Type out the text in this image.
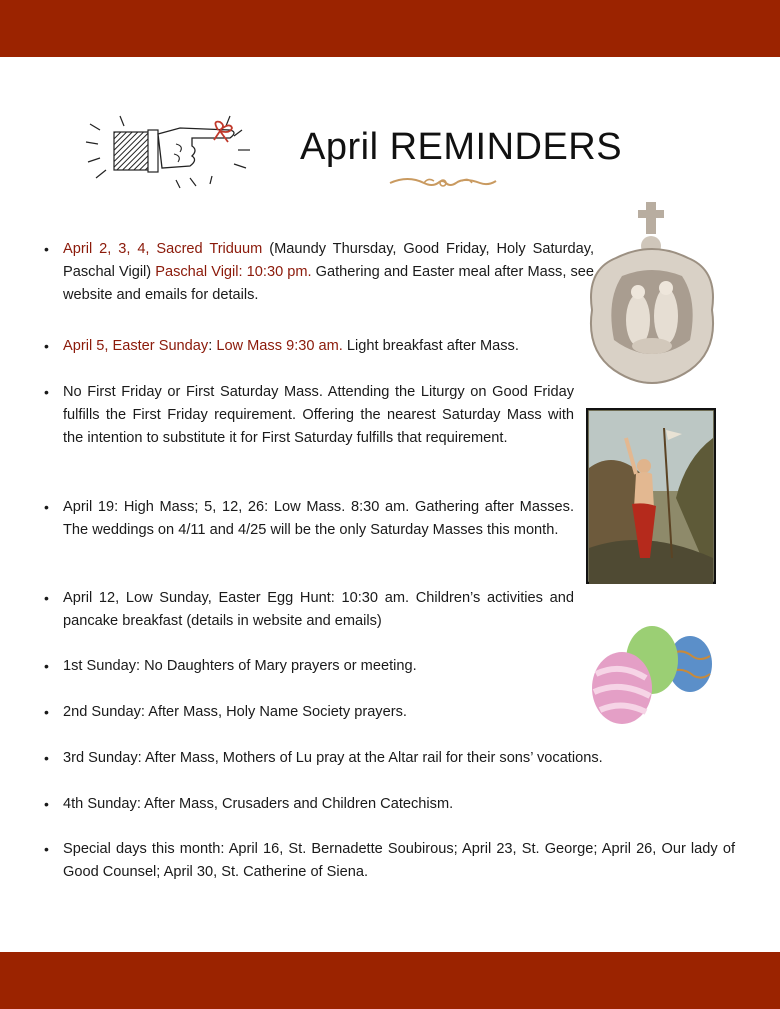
April REMINDERS
• April 2, 3, 4, Sacred Triduum (Maundy Thursday, Good Friday, Holy Saturday, Paschal Vigil) Paschal Vigil: 10:30 pm. Gathering and Easter meal after Mass, see website and emails for details.
• April 5, Easter Sunday: Low Mass 9:30 am. Light breakfast after Mass.
• No First Friday or First Saturday Mass. Attending the Liturgy on Good Friday fulfills the First Friday requirement. Offering the nearest Saturday Mass with the intention to substitute it for First Saturday fulfills that requirement.
• April 19: High Mass; 5, 12, 26: Low Mass. 8:30 am. Gathering after Masses. The weddings on 4/11 and 4/25 will be the only Saturday Masses this month.
• April 12, Low Sunday, Easter Egg Hunt: 10:30 am. Children’s activities and pancake breakfast (details in website and emails)
• 1st Sunday: No Daughters of Mary prayers or meeting.
• 2nd Sunday: After Mass, Holy Name Society prayers.
• 3rd Sunday: After Mass, Mothers of Lu pray at the Altar rail for their sons’ vocations.
• 4th Sunday: After Mass, Crusaders and Children Catechism.
• Special days this month: April 16, St. Bernadette Soubirous; April 23, St. George; April 26, Our lady of Good Counsel; April 30, St. Catherine of Siena.
